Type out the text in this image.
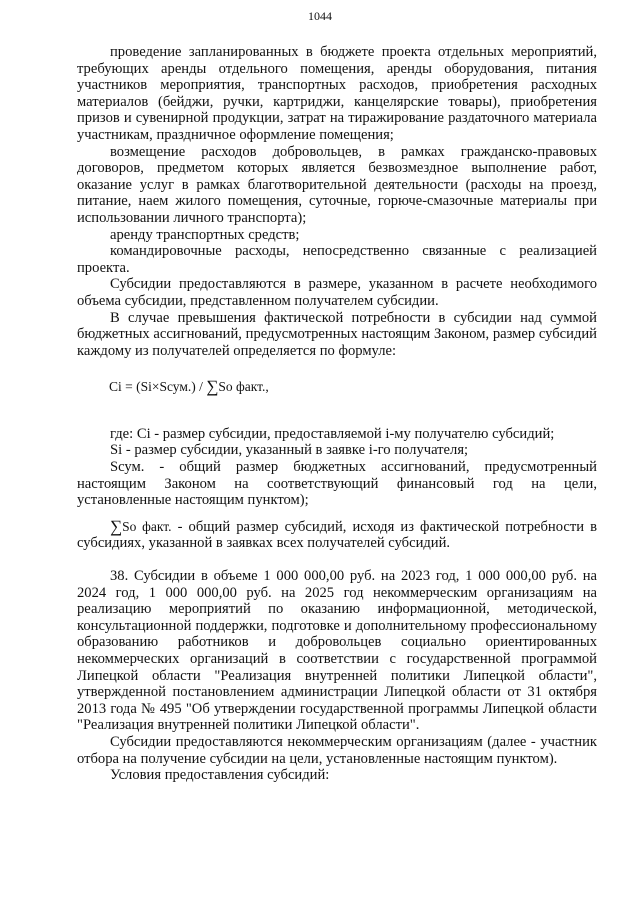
1044

проведение запланированных в бюджете проекта отдельных мероприятий, требующих аренды отдельного помещения, аренды оборудования, питания участников мероприятия, транспортных расходов, приобретения расходных материалов (бейджи, ручки, картриджи, канцелярские товары), приобретения призов и сувенирной продукции, затрат на тиражирование раздаточного материала участникам, праздничное оформление помещения;

возмещение расходов добровольцев, в рамках гражданско-правовых договоров, предметом которых является безвозмездное выполнение работ, оказание услуг в рамках благотворительной деятельности (расходы на проезд, питание, наем жилого помещения, суточные, горюче-смазочные материалы при использовании личного транспорта);

аренду транспортных средств;

командировочные расходы, непосредственно связанные с реализацией проекта.

Субсидии предоставляются в размере, указанном в расчете необходимого объема субсидии, представленном получателем субсидии.

В случае превышения фактической потребности в субсидии над суммой бюджетных ассигнований, предусмотренных настоящим Законом, размер субсидий каждому из получателей определяется по формуле:

Ci = (Si×Sсум.) / ∑So факт.,

где: Ci - размер субсидии, предоставляемой i-му получателю субсидий;

Si - размер субсидии, указанный в заявке i-го получателя;

Sсум. - общий размер бюджетных ассигнований, предусмотренный

настоящим Законом на соответствующий финансовый год на цели,

установленные настоящим пунктом);

∑So факт. - общий размер субсидий, исходя из фактической потребности в субсидиях, указанной в заявках всех получателей субсидий.

38. Субсидии в объеме 1 000 000,00 руб. на 2023 год, 1 000 000,00 руб. на 2024 год, 1 000 000,00 руб. на 2025 год некоммерческим организациям на реализацию мероприятий по оказанию информационной, методической, консультационной поддержки, подготовке и дополнительному профессиональному образованию работников и добровольцев социально ориентированных некоммерческих организаций в соответствии с государственной программой Липецкой области "Реализация внутренней политики Липецкой области", утвержденной постановлением администрации Липецкой области от 31 октября 2013 года № 495 "Об утверждении государственной программы Липецкой области "Реализация внутренней политики Липецкой области".

Субсидии предоставляются некоммерческим организациям (далее - участник отбора на получение субсидии на цели, установленные настоящим пунктом).

Условия предоставления субсидий:
